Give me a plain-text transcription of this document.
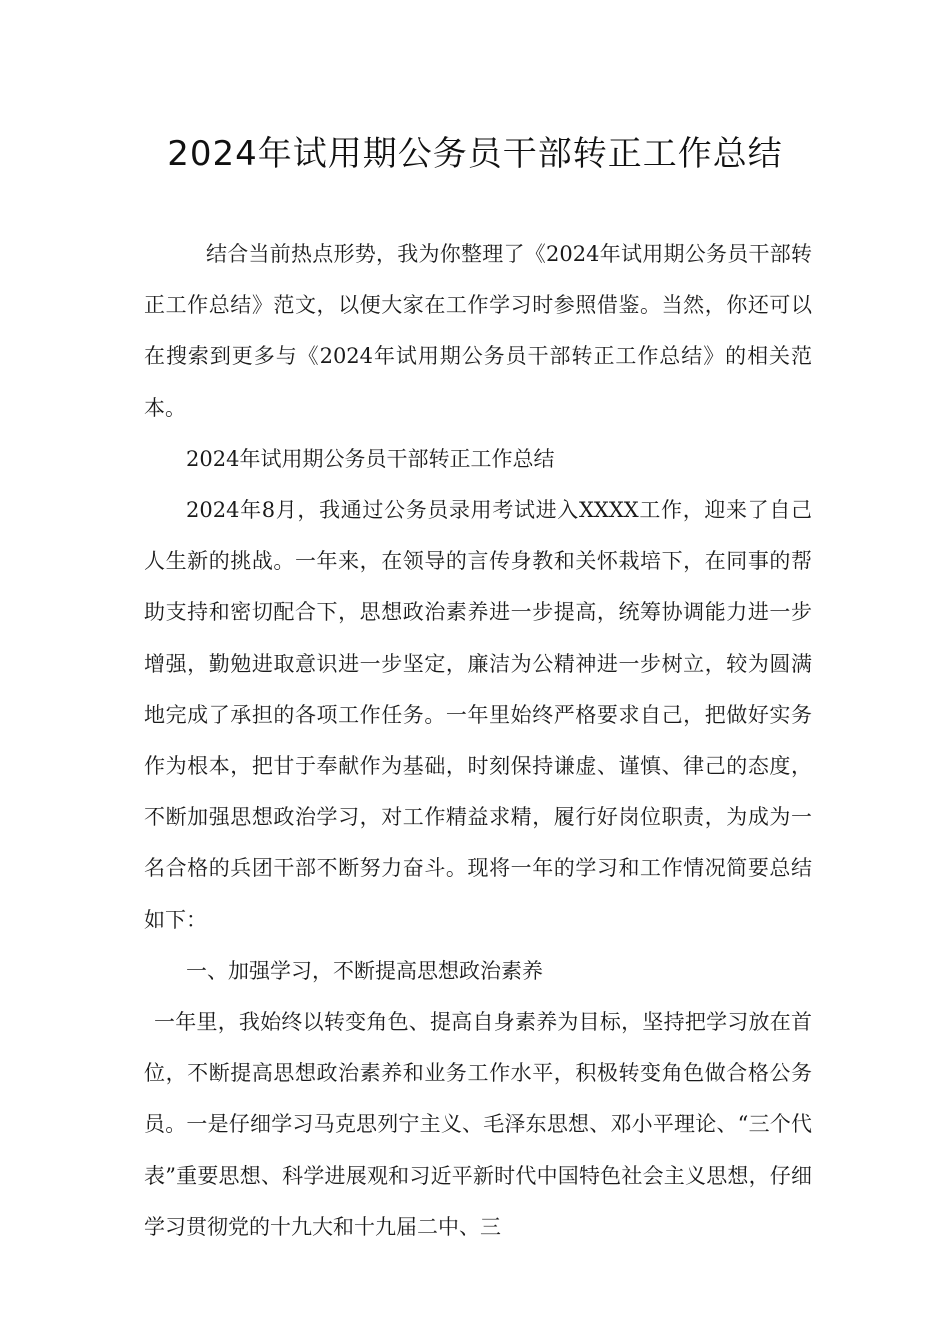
2024年试用期公务员干部转正工作总结

结合当前热点形势，我为你整理了《2024年试用期公务员干部转正工作总结》范文，以便大家在工作学习时参照借鉴。当然，你还可以在搜索到更多与《2024年试用期公务员干部转正工作总结》的相关范本。

2024年试用期公务员干部转正工作总结

2024年8月，我通过公务员录用考试进入XXXX工作，迎来了自己人生新的挑战。一年来，在领导的言传身教和关怀栽培下，在同事的帮助支持和密切配合下，思想政治素养进一步提高，统筹协调能力进一步增强，勤勉进取意识进一步坚定，廉洁为公精神进一步树立，较为圆满地完成了承担的各项工作任务。一年里始终严格要求自己，把做好实务作为根本，把甘于奉献作为基础，时刻保持谦虚、谨慎、律己的态度，不断加强思想政治学习，对工作精益求精，履行好岗位职责，为成为一名合格的兵团干部不断努力奋斗。现将一年的学习和工作情况简要总结如下：

一、加强学习，不断提高思想政治素养

一年里，我始终以转变角色、提高自身素养为目标，坚持把学习放在首位，不断提高思想政治素养和业务工作水平，积极转变角色做合格公务员。一是仔细学习马克思列宁主义、毛泽东思想、邓小平理论、“三个代表”重要思想、科学进展观和习近平新时代中国特色社会主义思想，仔细学习贯彻党的十九大和十九届二中、三
